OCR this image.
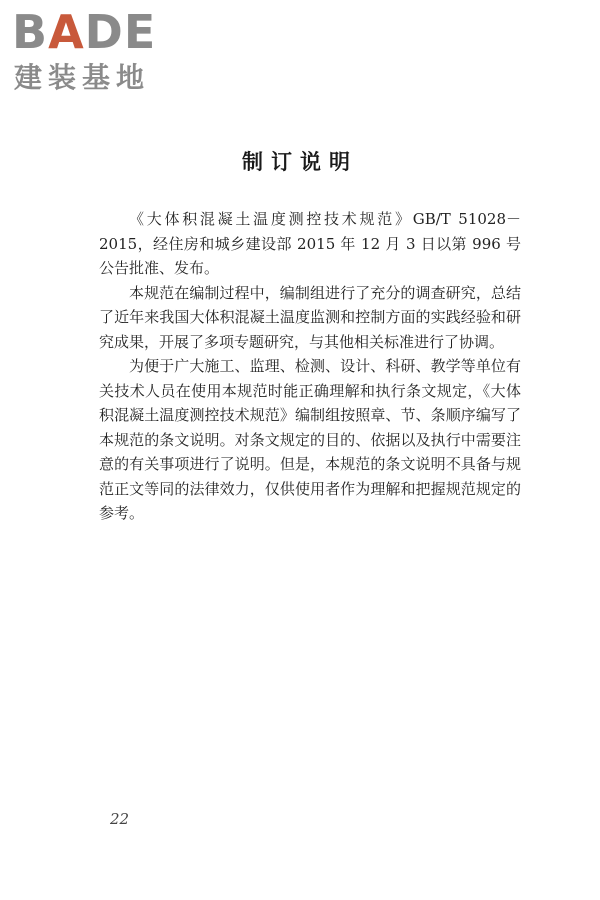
BADE
建装基地
制订说明

《大体积混凝土温度测控技术规范》GB/T 51028－2015，经住房和城乡建设部 2015 年 12 月 3 日以第 996 号公告批准、发布。

本规范在编制过程中，编制组进行了充分的调查研究，总结了近年来我国大体积混凝土温度监测和控制方面的实践经验和研究成果，开展了多项专题研究，与其他相关标准进行了协调。

为便于广大施工、监理、检测、设计、科研、教学等单位有关技术人员在使用本规范时能正确理解和执行条文规定，《大体积混凝土温度测控技术规范》编制组按照章、节、条顺序编写了本规范的条文说明。对条文规定的目的、依据以及执行中需要注意的有关事项进行了说明。但是，本规范的条文说明不具备与规范正文等同的法律效力，仅供使用者作为理解和把握规范规定的参考。

22
